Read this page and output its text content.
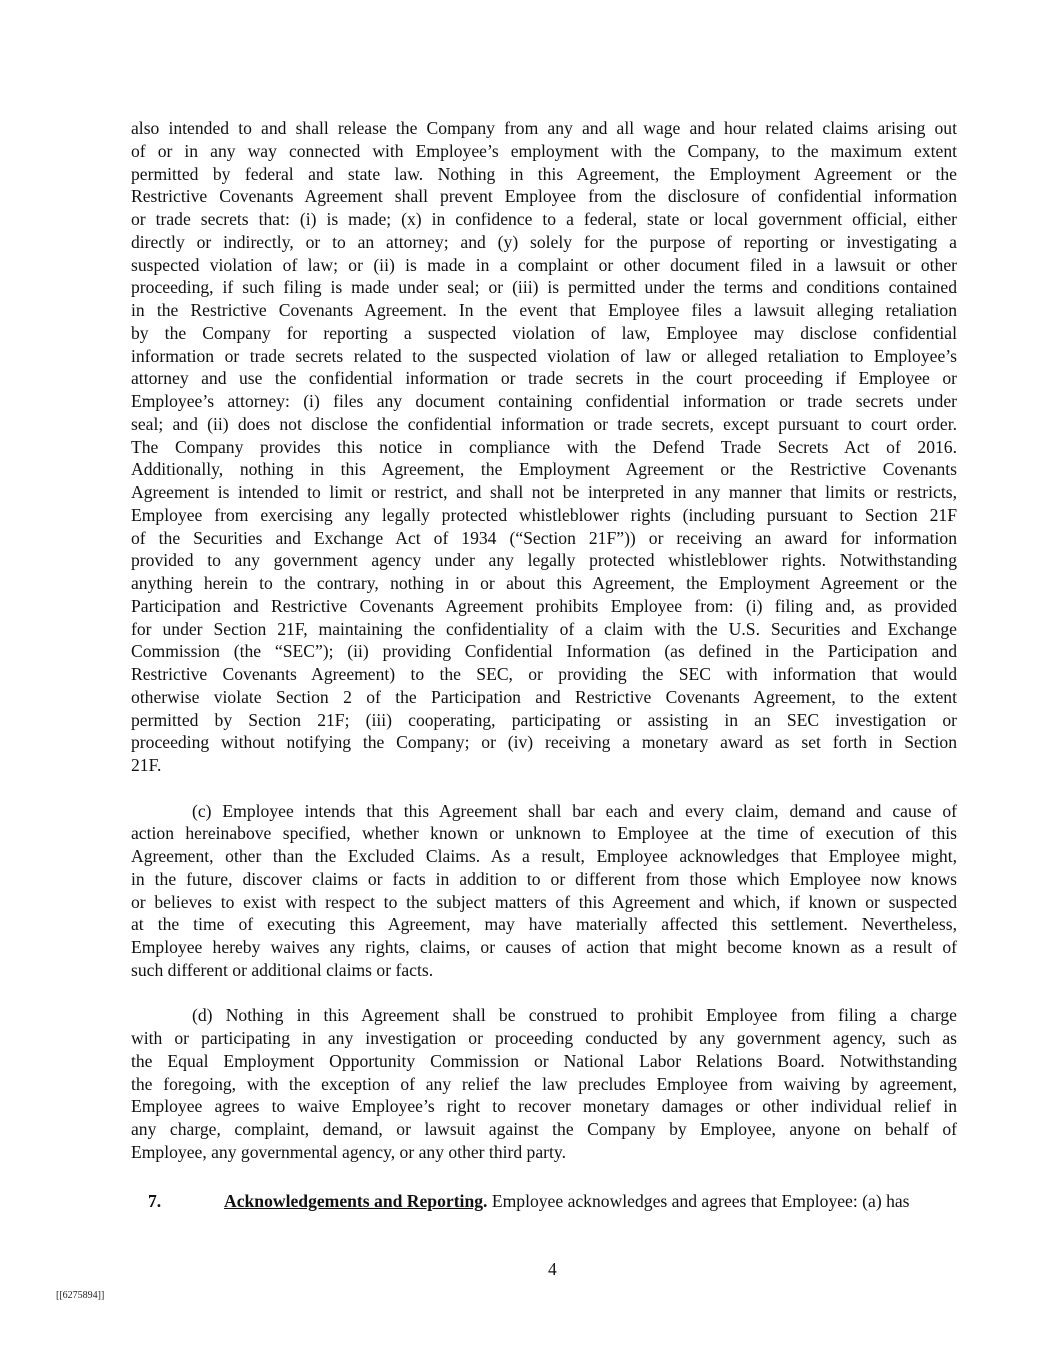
also intended to and shall release the Company from any and all wage and hour related claims arising out
of or in any way connected with Employee’s employment with the Company, to the maximum extent
permitted by federal and state law. Nothing in this Agreement, the Employment Agreement or the
Restrictive Covenants Agreement shall prevent Employee from the disclosure of confidential information
or trade secrets that: (i) is made; (x) in confidence to a federal, state or local government official, either
directly or indirectly, or to an attorney; and (y) solely for the purpose of reporting or investigating a
suspected violation of law; or (ii) is made in a complaint or other document filed in a lawsuit or other
proceeding, if such filing is made under seal; or (iii) is permitted under the terms and conditions contained
in the Restrictive Covenants Agreement. In the event that Employee files a lawsuit alleging retaliation
by the Company for reporting a suspected violation of law, Employee may disclose confidential
information or trade secrets related to the suspected violation of law or alleged retaliation to Employee’s
attorney and use the confidential information or trade secrets in the court proceeding if Employee or
Employee’s attorney: (i) files any document containing confidential information or trade secrets under
seal; and (ii) does not disclose the confidential information or trade secrets, except pursuant to court order.
The Company provides this notice in compliance with the Defend Trade Secrets Act of 2016.
Additionally, nothing in this Agreement, the Employment Agreement or the Restrictive Covenants
Agreement is intended to limit or restrict, and shall not be interpreted in any manner that limits or restricts,
Employee from exercising any legally protected whistleblower rights (including pursuant to Section 21F
of the Securities and Exchange Act of 1934 (“Section 21F”)) or receiving an award for information
provided to any government agency under any legally protected whistleblower rights. Notwithstanding
anything herein to the contrary, nothing in or about this Agreement, the Employment Agreement or the
Participation and Restrictive Covenants Agreement prohibits Employee from: (i) filing and, as provided
for under Section 21F, maintaining the confidentiality of a claim with the U.S. Securities and Exchange
Commission (the “SEC”); (ii) providing Confidential Information (as defined in the Participation and
Restrictive Covenants Agreement) to the SEC, or providing the SEC with information that would
otherwise violate Section 2 of the Participation and Restrictive Covenants Agreement, to the extent
permitted by Section 21F; (iii) cooperating, participating or assisting in an SEC investigation or
proceeding without notifying the Company; or (iv) receiving a monetary award as set forth in Section
21F.
(c) Employee intends that this Agreement shall bar each and every claim, demand and cause of
action hereinabove specified, whether known or unknown to Employee at the time of execution of this
Agreement, other than the Excluded Claims. As a result, Employee acknowledges that Employee might,
in the future, discover claims or facts in addition to or different from those which Employee now knows
or believes to exist with respect to the subject matters of this Agreement and which, if known or suspected
at the time of executing this Agreement, may have materially affected this settlement. Nevertheless,
Employee hereby waives any rights, claims, or causes of action that might become known as a result of
such different or additional claims or facts.
(d) Nothing in this Agreement shall be construed to prohibit Employee from filing a charge
with or participating in any investigation or proceeding conducted by any government agency, such as
the Equal Employment Opportunity Commission or National Labor Relations Board. Notwithstanding
the foregoing, with the exception of any relief the law precludes Employee from waiving by agreement,
Employee agrees to waive Employee’s right to recover monetary damages or other individual relief in
any charge, complaint, demand, or lawsuit against the Company by Employee, anyone on behalf of
Employee, any governmental agency, or any other third party.
7.	Acknowledgements and Reporting. Employee acknowledges and agrees that Employee: (a) has
4
[[6275894]]
